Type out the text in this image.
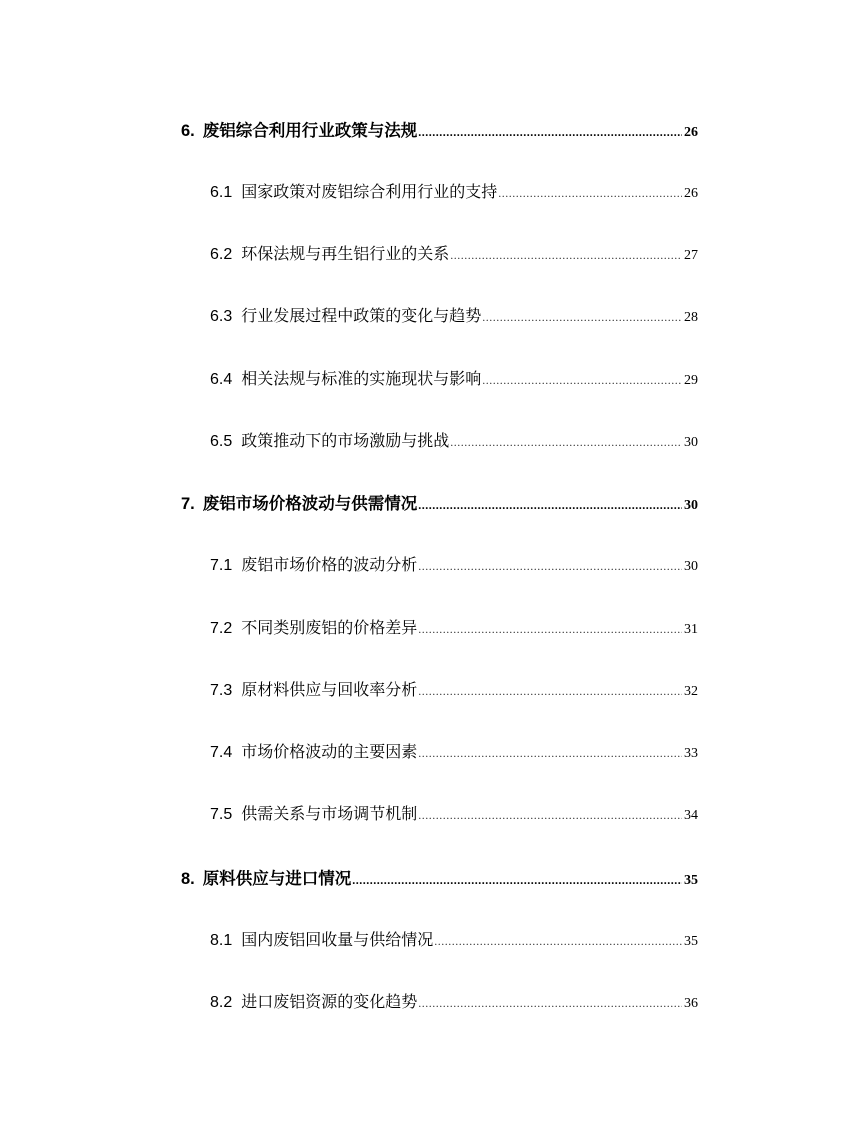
6. 废铝综合利用行业政策与法规 .....	26
6.1 国家政策对废铝综合利用行业的支持 .....	26
6.2 环保法规与再生铝行业的关系 .....	27
6.3 行业发展过程中政策的变化与趋势 .....	28
6.4 相关法规与标准的实施现状与影响 .....	29
6.5 政策推动下的市场激励与挑战 .....	30
7. 废铝市场价格波动与供需情况 .....	30
7.1 废铝市场价格的波动分析 .....	30
7.2 不同类别废铝的价格差异 .....	31
7.3 原材料供应与回收率分析 .....	32
7.4 市场价格波动的主要因素 .....	33
7.5 供需关系与市场调节机制 .....	34
8. 原料供应与进口情况 .....	35
8.1 国内废铝回收量与供给情况 .....	35
8.2 进口废铝资源的变化趋势 .....	36
